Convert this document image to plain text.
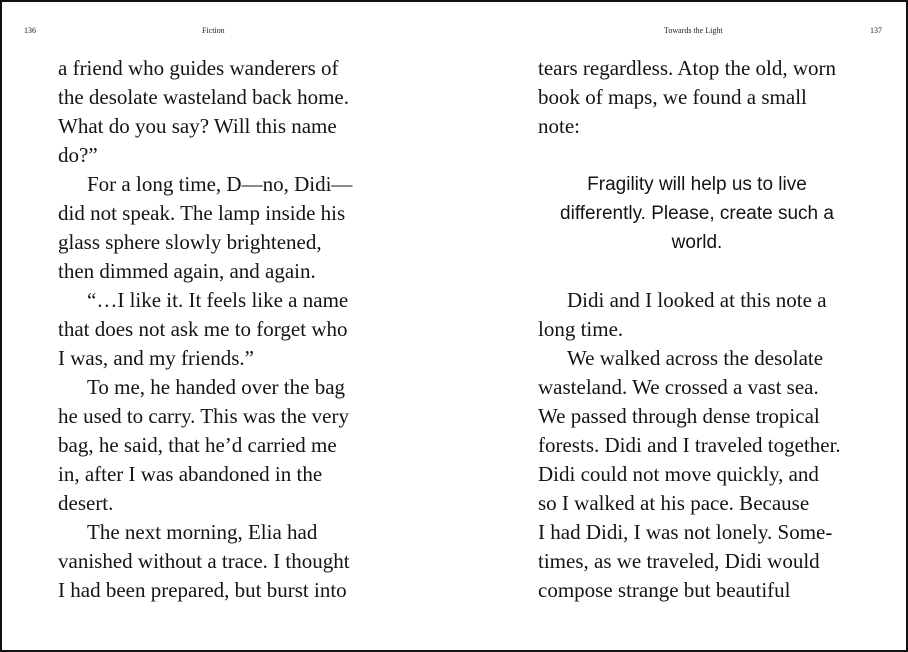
136	Fiction	Towards the Light	137
a friend who guides wanderers of
the desolate wasteland back home.
What do you say? Will this name
do?”
For a long time, D—no, Didi—
did not speak. The lamp inside his
glass sphere slowly brightened,
then dimmed again, and again.
“…I like it. It feels like a name
that does not ask me to forget who
I was, and my friends.”
To me, he handed over the bag
he used to carry. This was the very
bag, he said, that he’d carried me
in, after I was abandoned in the
desert.
The next morning, Elia had
vanished without a trace. I thought
I had been prepared, but burst into
tears regardless. Atop the old, worn
book of maps, we found a small
note:
Fragility will help us to live
differently. Please, create such a
world.
Didi and I looked at this note a
long time.
We walked across the desolate
wasteland. We crossed a vast sea.
We passed through dense tropical
forests. Didi and I traveled together.
Didi could not move quickly, and
so I walked at his pace. Because
I had Didi, I was not lonely. Some-
times, as we traveled, Didi would
compose strange but beautiful
